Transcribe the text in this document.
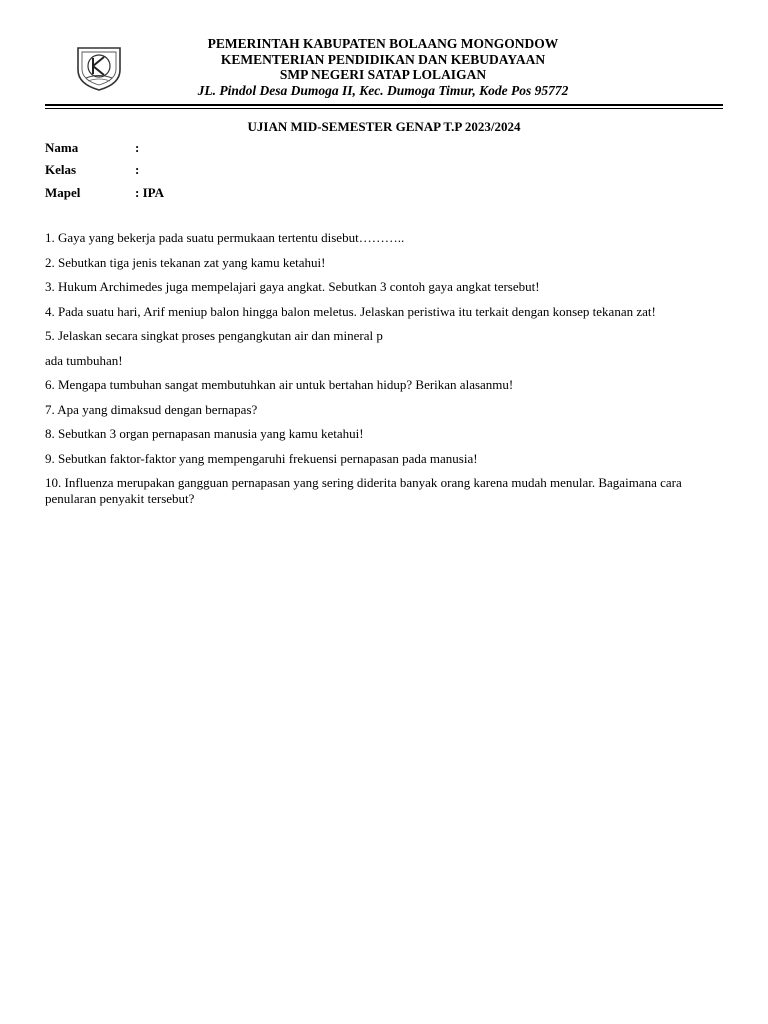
PEMERINTAH KABUPATEN BOLAANG MONGONDOW
KEMENTERIAN PENDIDIKAN DAN KEBUDAYAAN
SMP NEGERI SATAP LOLAIGAN
JL. Pindol Desa Dumoga II, Kec. Dumoga Timur, Kode Pos 95772
UJIAN MID-SEMESTER GENAP T.P 2023/2024
Nama	:
Kelas	:
Mapel	: IPA

1. Gaya yang bekerja pada suatu permukaan tertentu disebut………..

2. Sebutkan tiga jenis tekanan zat yang kamu ketahui!

3. Hukum Archimedes juga mempelajari gaya angkat. Sebutkan 3 contoh gaya angkat tersebut!

4. Pada suatu hari, Arif meniup balon hingga balon meletus. Jelaskan peristiwa itu terkait dengan konsep tekanan zat!

5. Jelaskan secara singkat proses pengangkutan air dan mineral p

ada tumbuhan!

6. Mengapa tumbuhan sangat membutuhkan air untuk bertahan hidup? Berikan alasanmu!

7. Apa yang dimaksud dengan bernapas?

8. Sebutkan 3 organ pernapasan manusia yang kamu ketahui!

9. Sebutkan faktor-faktor yang mempengaruhi frekuensi pernapasan pada manusia!

10. Influenza merupakan gangguan pernapasan yang sering diderita banyak orang karena mudah menular. Bagaimana cara penularan penyakit tersebut?
